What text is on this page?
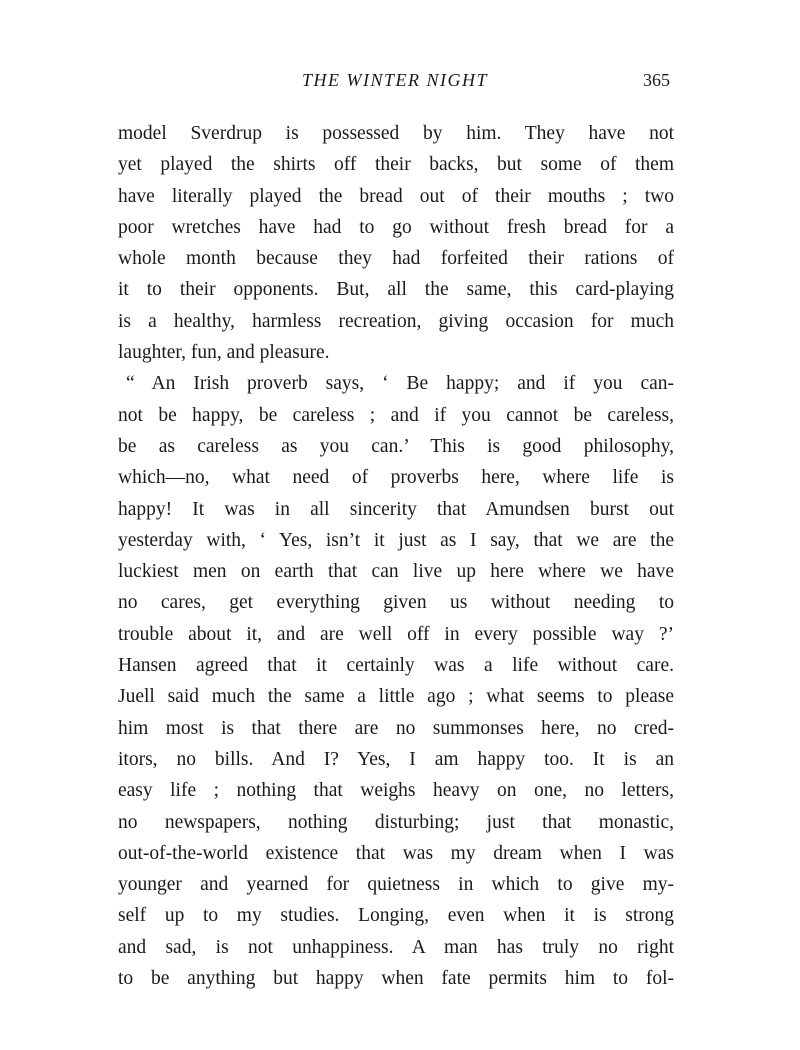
THE WINTER NIGHT	365
model Sverdrup is possessed by him. They have not
yet played the shirts off their backs, but some of them
have literally played the bread out of their mouths ; two
poor wretches have had to go without fresh bread for a
whole month because they had forfeited their rations of
it to their opponents. But, all the same, this card-playing
is a healthy, harmless recreation, giving occasion for much
laughter, fun, and pleasure.
“ An Irish proverb says, ‘ Be happy; and if you can-
not be happy, be careless ; and if you cannot be careless,
be as careless as you can.’ This is good philosophy,
which—no, what need of proverbs here, where life is
happy! It was in all sincerity that Amundsen burst out
yesterday with, ‘ Yes, isn’t it just as I say, that we are the
luckiest men on earth that can live up here where we have
no cares, get everything given us without needing to
trouble about it, and are well off in every possible way ?’
Hansen agreed that it certainly was a life without care.
Juell said much the same a little ago ; what seems to please
him most is that there are no summonses here, no cred-
itors, no bills. And I? Yes, I am happy too. It is an
easy life ; nothing that weighs heavy on one, no letters,
no newspapers, nothing disturbing; just that monastic,
out-of-the-world existence that was my dream when I was
younger and yearned for quietness in which to give my-
self up to my studies. Longing, even when it is strong
and sad, is not unhappiness. A man has truly no right
to be anything but happy when fate permits him to fol-
